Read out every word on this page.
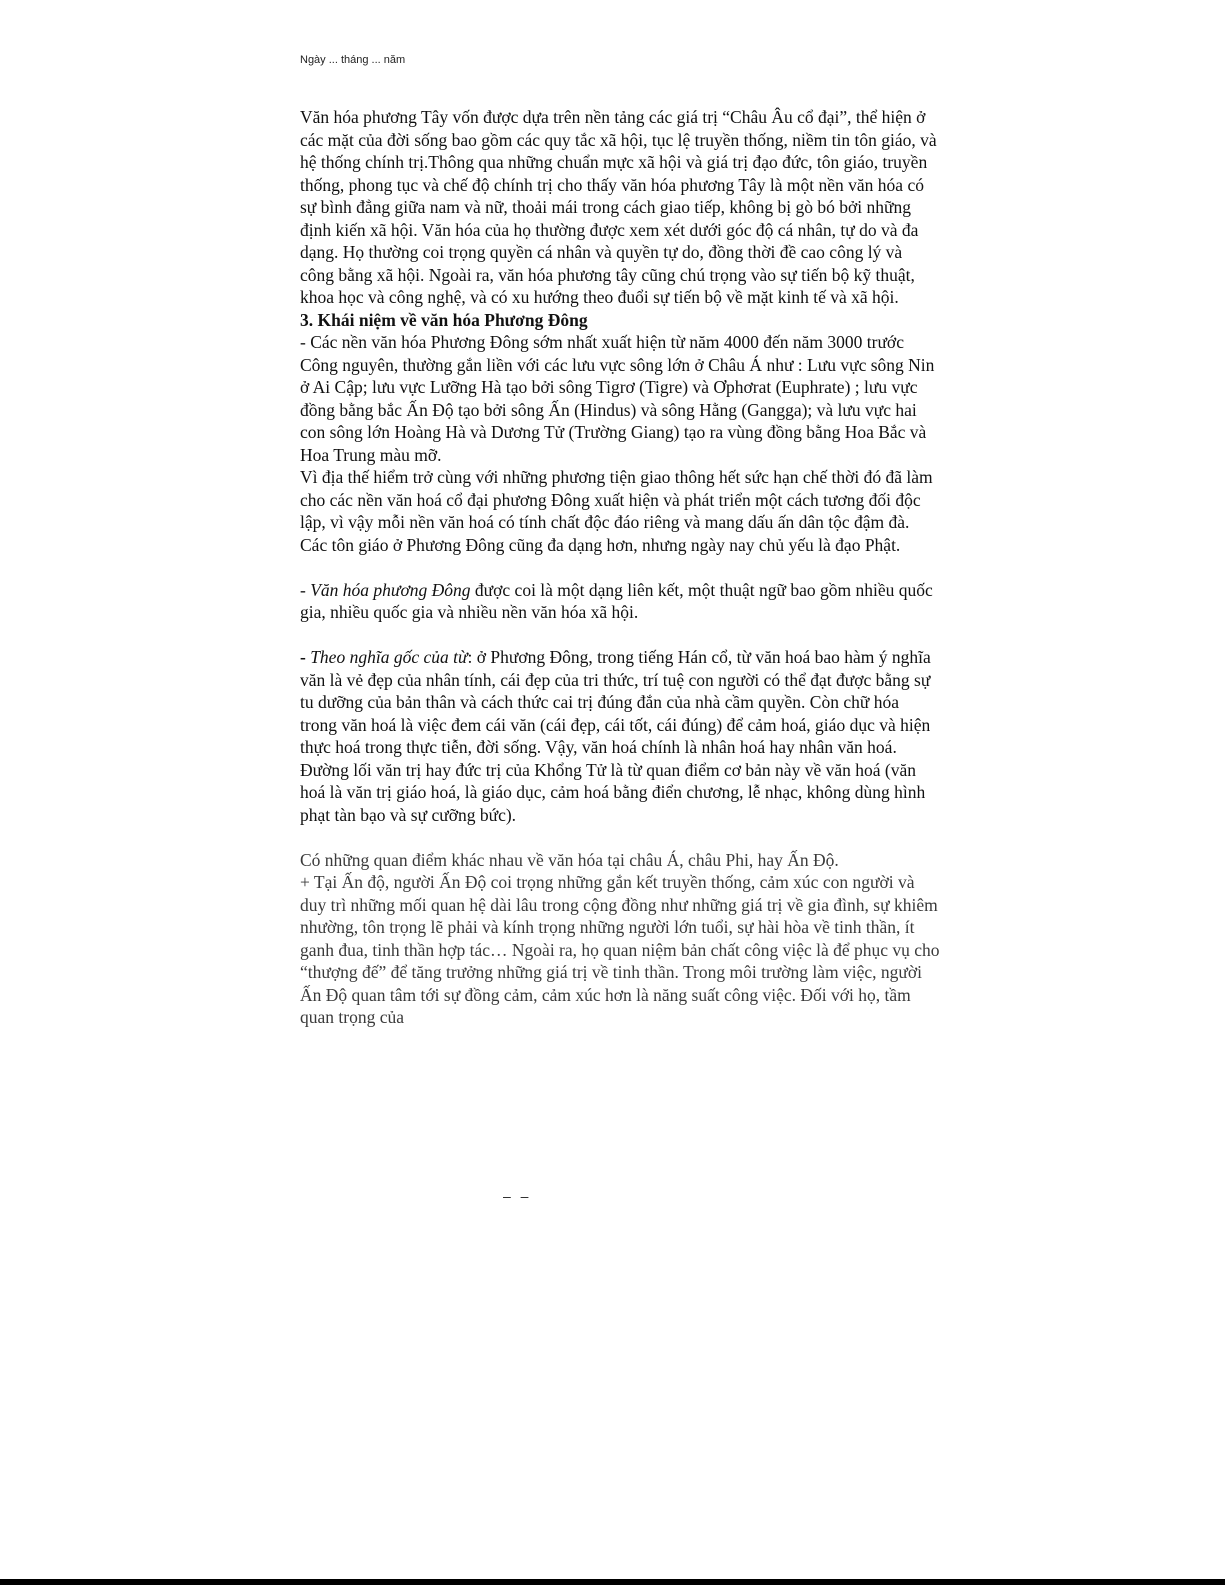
Ngày ... tháng ... năm

Văn hóa phương Tây vốn được dựa trên nền tảng các giá trị “Châu Âu cổ đại”, thể hiện ở các mặt của đời sống bao gồm các quy tắc xã hội, tục lệ truyền thống, niềm tin tôn giáo, và hệ thống chính trị.Thông qua những chuẩn mực xã hội và giá trị đạo đức, tôn giáo, truyền thống, phong tục và chế độ chính trị cho thấy văn hóa phương Tây là một nền văn hóa có sự bình đẳng giữa nam và nữ, thoải mái trong cách giao tiếp, không bị gò bó bởi những định kiến xã hội. Văn hóa của họ thường được xem xét dưới góc độ cá nhân, tự do và đa dạng. Họ thường coi trọng quyền cá nhân và quyền tự do, đồng thời đề cao công lý và công bằng xã hội. Ngoài ra, văn hóa phương tây cũng chú trọng vào sự tiến bộ kỹ thuật, khoa học và công nghệ, và có xu hướng theo đuổi sự tiến bộ về mặt kinh tế và xã hội.

3. Khái niệm về văn hóa Phương Đông

- Các nền văn hóa Phương Đông sớm nhất xuất hiện từ năm 4000 đến năm 3000 trước Công nguyên, thường gắn liền với các lưu vực sông lớn ở Châu Á như : Lưu vực sông Nin ở Ai Cập; lưu vực Lưỡng Hà tạo bởi sông Tigrơ (Tigre) và Ơphơrat (Euphrate) ; lưu vực đồng bằng bắc Ấn Độ tạo bởi sông Ấn (Hindus) và sông Hằng (Gangga); và lưu vực hai con sông lớn Hoàng Hà và Dương Tử (Trường Giang) tạo ra vùng đồng bằng Hoa Bắc và Hoa Trung màu mỡ.

Vì địa thế hiểm trở cùng với những phương tiện giao thông hết sức hạn chế thời đó đã làm cho các nền văn hoá cổ đại phương Đông xuất hiện và phát triển một cách tương đối độc lập, vì vậy mỗi nền văn hoá có tính chất độc đáo riêng và mang dấu ấn dân tộc đậm đà. Các tôn giáo ở Phương Đông cũng đa dạng hơn, nhưng ngày nay chủ yếu là đạo Phật.

- Văn hóa phương Đông được coi là một dạng liên kết, một thuật ngữ bao gồm nhiều quốc gia, nhiều quốc gia và nhiều nền văn hóa xã hội.

- Theo nghĩa gốc của từ: ở Phương Đông, trong tiếng Hán cổ, từ văn hoá bao hàm ý nghĩa văn là vẻ đẹp của nhân tính, cái đẹp của tri thức, trí tuệ con người có thể đạt được bằng sự tu dưỡng của bản thân và cách thức cai trị đúng đắn của nhà cầm quyền. Còn chữ hóa trong văn hoá là việc đem cái văn (cái đẹp, cái tốt, cái đúng) để cảm hoá, giáo dục và hiện thực hoá trong thực tiễn, đời sống. Vậy, văn hoá chính là nhân hoá hay nhân văn hoá. Đường lối văn trị hay đức trị của Khổng Tử là từ quan điểm cơ bản này về văn hoá (văn hoá là văn trị giáo hoá, là giáo dục, cảm hoá bằng điển chương, lễ nhạc, không dùng hình phạt tàn bạo và sự cưỡng bức).

Có những quan điểm khác nhau về văn hóa tại châu Á, châu Phi, hay Ấn Độ.

+ Tại Ấn độ, người Ấn Độ coi trọng những gắn kết truyền thống, cảm xúc con người và duy trì những mối quan hệ dài lâu trong cộng đồng như những giá trị về gia đình, sự khiêm nhường, tôn trọng lẽ phải và kính trọng những người lớn tuổi, sự hài hòa về tinh thần, ít ganh đua, tinh thần hợp tác… Ngoài ra, họ quan niệm bản chất công việc là để phục vụ cho “thượng đế” để tăng trưởng những giá trị về tinh thần. Trong môi trường làm việc, người Ấn Độ quan tâm tới sự đồng cảm, cảm xúc hơn là năng suất công việc. Đối với họ, tầm quan trọng của

– –
